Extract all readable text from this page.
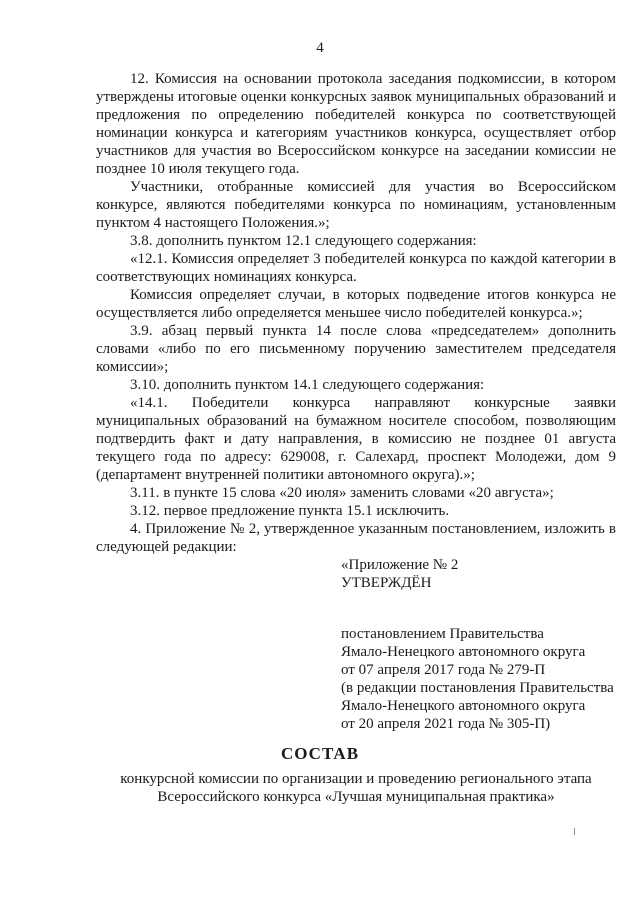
4

12. Комиссия на основании протокола заседания подкомиссии, в котором утверждены итоговые оценки конкурсных заявок муниципальных образований и предложения по определению победителей конкурса по соответствующей номинации конкурса и категориям участников конкурса, осуществляет отбор участников для участия во Всероссийском конкурсе на заседании комиссии не позднее 10 июля текущего года.

Участники, отобранные комиссией для участия во Всероссийском конкурсе, являются победителями конкурса по номинациям, установленным пунктом 4 настоящего Положения.»;

3.8. дополнить пунктом 12.1 следующего содержания:

«12.1. Комиссия определяет 3 победителей конкурса по каждой категории в соответствующих номинациях конкурса.

Комиссия определяет случаи, в которых подведение итогов конкурса не осуществляется либо определяется меньшее число победителей конкурса.»;

3.9. абзац первый пункта 14 после слова «председателем» дополнить словами «либо по его письменному поручению заместителем председателя комиссии»;

3.10. дополнить пунктом 14.1 следующего содержания:

«14.1. Победители конкурса направляют конкурсные заявки муниципальных образований на бумажном носителе способом, позволяющим подтвердить факт и дату направления, в комиссию не позднее 01 августа текущего года по адресу: 629008, г. Салехард, проспект Молодежи, дом 9 (департамент внутренней политики автономного округа).»;

3.11. в пункте 15 слова «20 июля» заменить словами «20 августа»;

3.12. первое предложение пункта 15.1 исключить.

4. Приложение № 2, утвержденное указанным постановлением, изложить в следующей редакции:

«Приложение № 2
УТВЕРЖДЁН
постановлением Правительства
Ямало-Ненецкого автономного округа
от 07 апреля 2017 года № 279-П
(в редакции постановления Правительства
Ямало-Ненецкого автономного округа
от 20 апреля 2021 года № 305-П)
СОСТАВ
конкурсной комиссии по организации и проведению регионального этапа
Всероссийского конкурса «Лучшая муниципальная практика»
